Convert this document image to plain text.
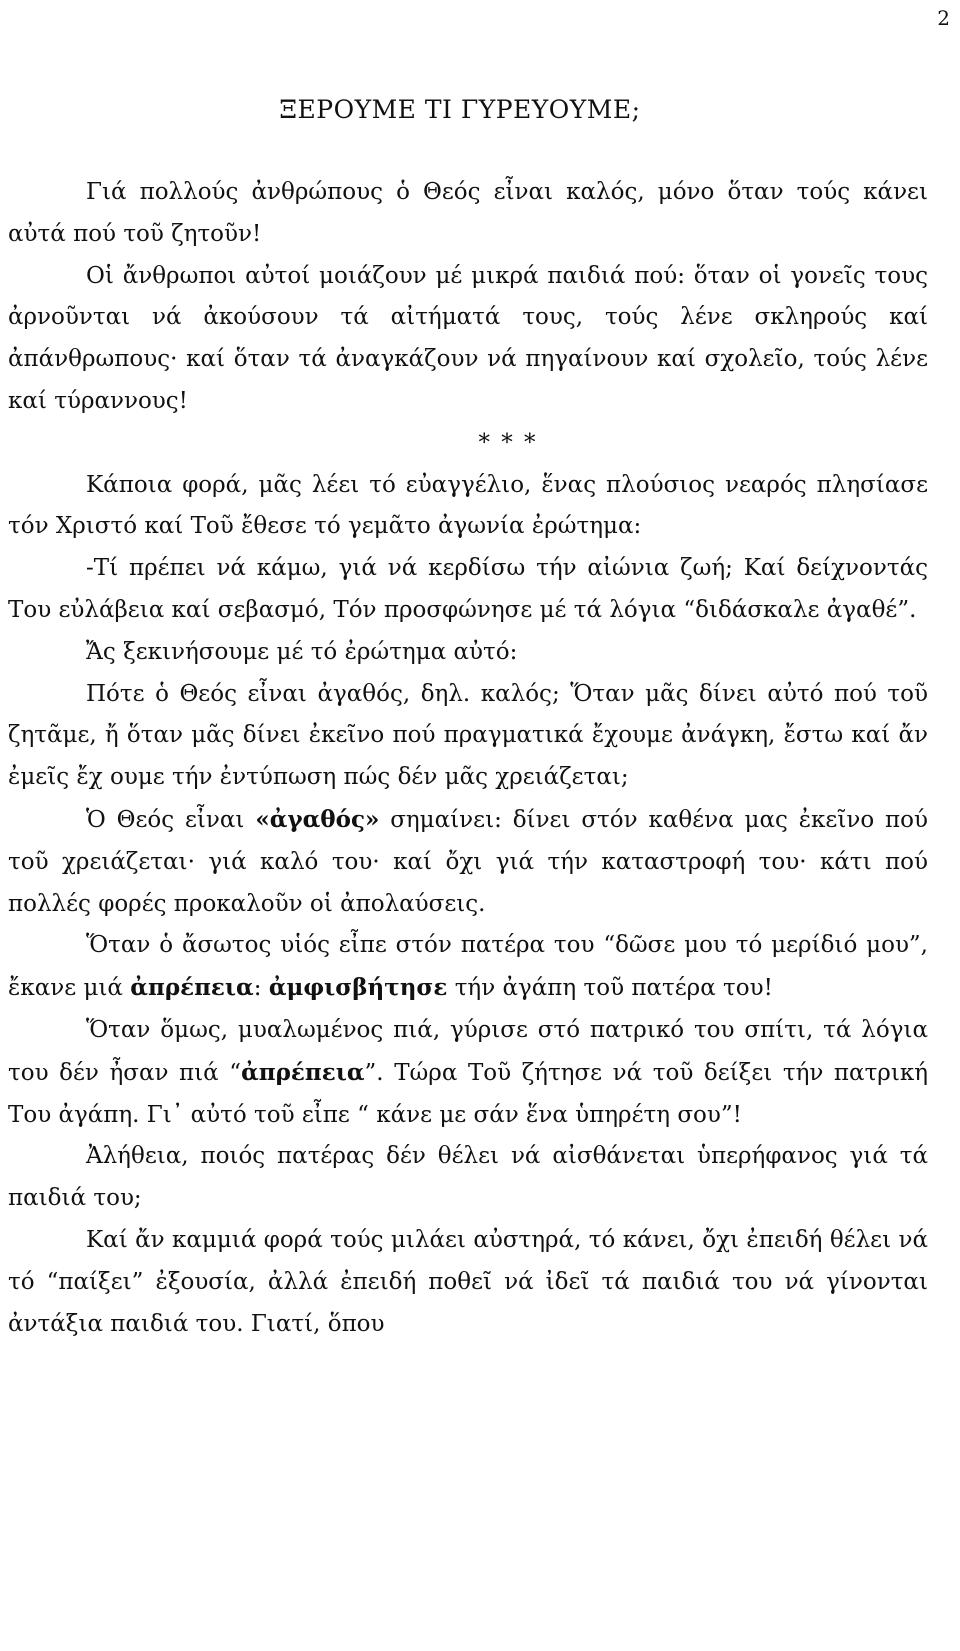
2
ΞΕΡΟΥΜΕ ΤΙ ΓΥΡΕΥΟΥΜΕ;

Γιά πολλούς ἀνθρώπους ὁ Θεός εἶναι καλός, μόνο ὅταν τούς κάνει αὐτά πού τοῦ ζητοῦν!

Οἱ ἄνθρωποι αὐτοί μοιάζουν μέ μικρά παιδιά πού: ὅταν οἱ γονεῖς τους ἀρνοῦνται νά ἀκούσουν τά αἰτήματά τους, τούς λένε σκληρούς καί ἀπάνθρωπους· καί ὅταν τά ἀναγκάζουν νά πηγαίνουν καί σχολεῖο, τούς λένε καί τύραννους!

* * *

Κάποια φορά, μᾶς λέει τό εὐαγγέλιο, ἕνας πλούσιος νεαρός πλησίασε τόν Χριστό καί Τοῦ ἔθεσε τό γεμᾶτο ἀγωνία ἐρώτημα:

-Τί πρέπει νά κάμω, γιά νά κερδίσω τήν αἰώνια ζωή; Καί δείχνοντάς Του εὐλάβεια καί σεβασμό, Τόν προσφώνησε μέ τά λόγια “διδάσκαλε ἀγαθέ”.

Ἄς ξεκινήσουμε μέ τό ἐρώτημα αὐτό:

Πότε ὁ Θεός εἶναι ἀγαθός, δηλ. καλός; Ὅταν μᾶς δίνει αὐτό πού τοῦ ζητᾶμε, ἤ ὅταν μᾶς δίνει ἐκεῖνο πού πραγματικά ἔχουμε ἀνάγκη, ἔστω καί ἄν ἐμεῖς ἔχ ουμε τήν ἐντύπωση πώς δέν μᾶς χρειάζεται;

Ὁ Θεός εἶναι «ἀγαθός» σημαίνει: δίνει στόν καθένα μας ἐκεῖνο πού τοῦ χρειάζεται· γιά καλό του· καί ὄχι γιά τήν καταστροφή του· κάτι πού πολλές φορές προκαλοῦν οἱ ἀπολαύσεις.

Ὅταν ὁ ἄσωτος υἱός εἶπε στόν πατέρα του “δῶσε μου τό μερίδιό μου”, ἔκανε μιά ἀπρέπεια: ἀμφισβήτησε τήν ἀγάπη τοῦ πατέρα του!

Ὅταν ὅμως, μυαλωμένος πιά, γύρισε στό πατρικό του σπίτι, τά λόγια του δέν ἦσαν πιά “ἀπρέπεια”. Τώρα Τοῦ ζήτησε νά τοῦ δείξει τήν πατρική Του ἀγάπη. Γι᾽ αὐτό τοῦ εἶπε “ κάνε με σάν ἕνα ὑπηρέτη σου”!

Ἀλήθεια, ποιός πατέρας δέν θέλει νά αἰσθάνεται ὑπερήφανος γιά τά παιδιά του;

Καί ἄν καμμιά φορά τούς μιλάει αὐστηρά, τό κάνει, ὄχι ἐπειδή θέλει νά τό “παίξει” ἐξουσία, ἀλλά ἐπειδή ποθεῖ νά ἰδεῖ τά παιδιά του νά γίνονται ἀντάξια παιδιά του. Γιατί, ὅπου
